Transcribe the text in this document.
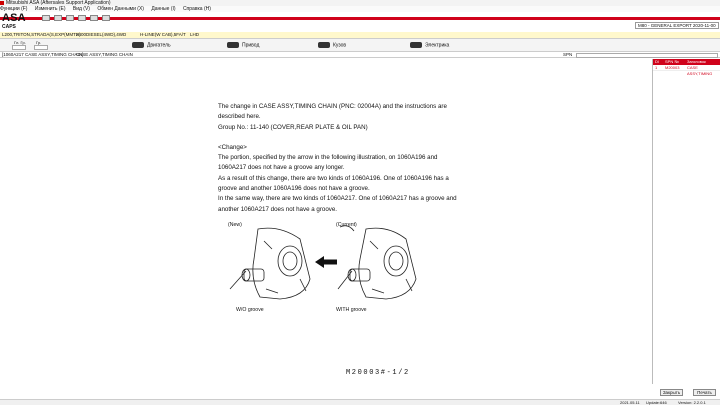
Mitsubishi ASA (Aftersales Support Application)
Функции (F) Изменить (E) Вид (V) Обмен Данными (X) Данные (I) Справка (H)
ASA
CAPS	M80 - GENERAL EXPORT 2020-11-00
L200,TRITON,STRADA(S,EXP(MMTH)
2400DIESEL(4WD),4WD	H-LINE(W CAB),5FA/T LHD
Гл. Гр.	Гр.	Двигатель	Привод	Кузов	Электрика
[1060A217 CASE ASSY,TIMING CHAIN]
CASE ASSY,TIMING CHAIN	SPN

The change in CASE ASSY,TIMING CHAIN (PNC: 02004A) and the instructions are

described here.

Group No.: 11-140 (COVER,REAR PLATE & OIL PAN)

<Change>

The portion, specified by the arrow in the following illustration, on 1060A196 and

1060A217 does not have a groove any longer.

As a result of this change, there are two kinds of 1060A196. One of 1060A196 has a

groove and another 1060A196 does not have a groove.

In the same way, there are two kinds of 1060A217. One of 1060A217 has a groove and

another 1060A217 does not have a groove.

(New)	(Current)
W/O groove	WITH groove
M20003#-1/2
Dl SPN № Заголовок
1 M20003 CASE ASSY,TIMING
Закрыть	Печать
2021.05.11 Update:646	Version: 2.2.0.1
